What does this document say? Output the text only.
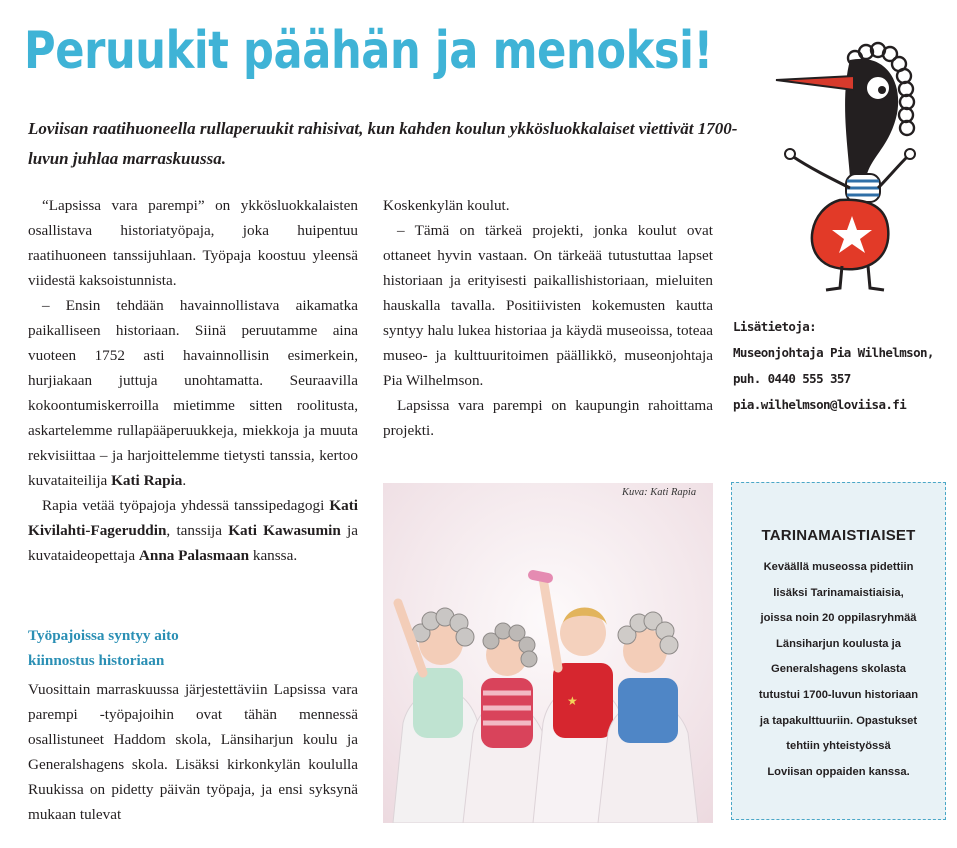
Peruukit päähän ja menoksi!

Loviisan raatihuoneella rullaperuukit rahisivat, kun kahden koulun ykkösluokkalaiset viettivät 1700-luvun juhlaa marraskuussa.

“Lapsissa vara parempi” on ykkösluokkalaisten osallistava historiatyöpaja, joka huipentuu raatihuoneen tanssijuhlaan. Työpaja koostuu yleensä viidestä kaksoistunnista.

– Ensin tehdään havainnollistava aikamatka paikalliseen historiaan. Siinä peruutamme aina vuoteen 1752 asti havainnollisin esimerkein, hurjiakaan juttuja unohtamatta. Seuraavilla kokoontumiskerroilla mietimme sitten roolitusta, askartelemme rullapääperuukkeja, miekkoja ja muuta rekvisiittaa – ja harjoittelemme tietysti tanssia, kertoo kuvataiteilija Kati Rapia.

Rapia vetää työpajoja yhdessä tanssipedagogi Kati Kivilahti-Fageruddin, tanssija Kati Kawasumin ja kuvataideopettaja Anna Palasmaan kanssa.

Työpajoissa syntyy aito
kiinnostus historiaan

Vuosittain marraskuussa järjestettäviin Lapsissa vara parempi -työpajoihin ovat tähän mennessä osallistuneet Haddom skola, Länsiharjun koulu ja Generalshagens skola. Lisäksi kirkonkylän koululla Ruukissa on pidetty päivän työpaja, ja ensi syksynä mukaan tulevat

Koskenkylän koulut.

– Tämä on tärkeä projekti, jonka koulut ovat ottaneet hyvin vastaan. On tärkeää tutustuttaa lapset historiaan ja erityisesti paikallishistoriaan, mieluiten hauskalla tavalla. Positiivisten kokemusten kautta syntyy halu lukea historiaa ja käydä museoissa, toteaa museo- ja kulttuuritoimen päällikkö, museonjohtaja Pia Wilhelmson.

Lapsissa vara parempi on kaupungin rahoittama projekti.

Lisätietoja:
Museonjohtaja Pia Wilhelmson,
puh. 0440 555 357
pia.wilhelmson@loviisa.fi
★
Kuva: Kati Rapia
TARINAMAISTIAISET
Keväällä museossa pidettiin
lisäksi Tarinamaistiaisia,
joissa noin 20 oppilasryhmää
Länsiharjun koulusta ja
Generalshagens skolasta
tutustui 1700-luvun historiaan
ja tapakulttuuriin. Opastukset
tehtiin yhteistyössä
Loviisan oppaiden kanssa.
